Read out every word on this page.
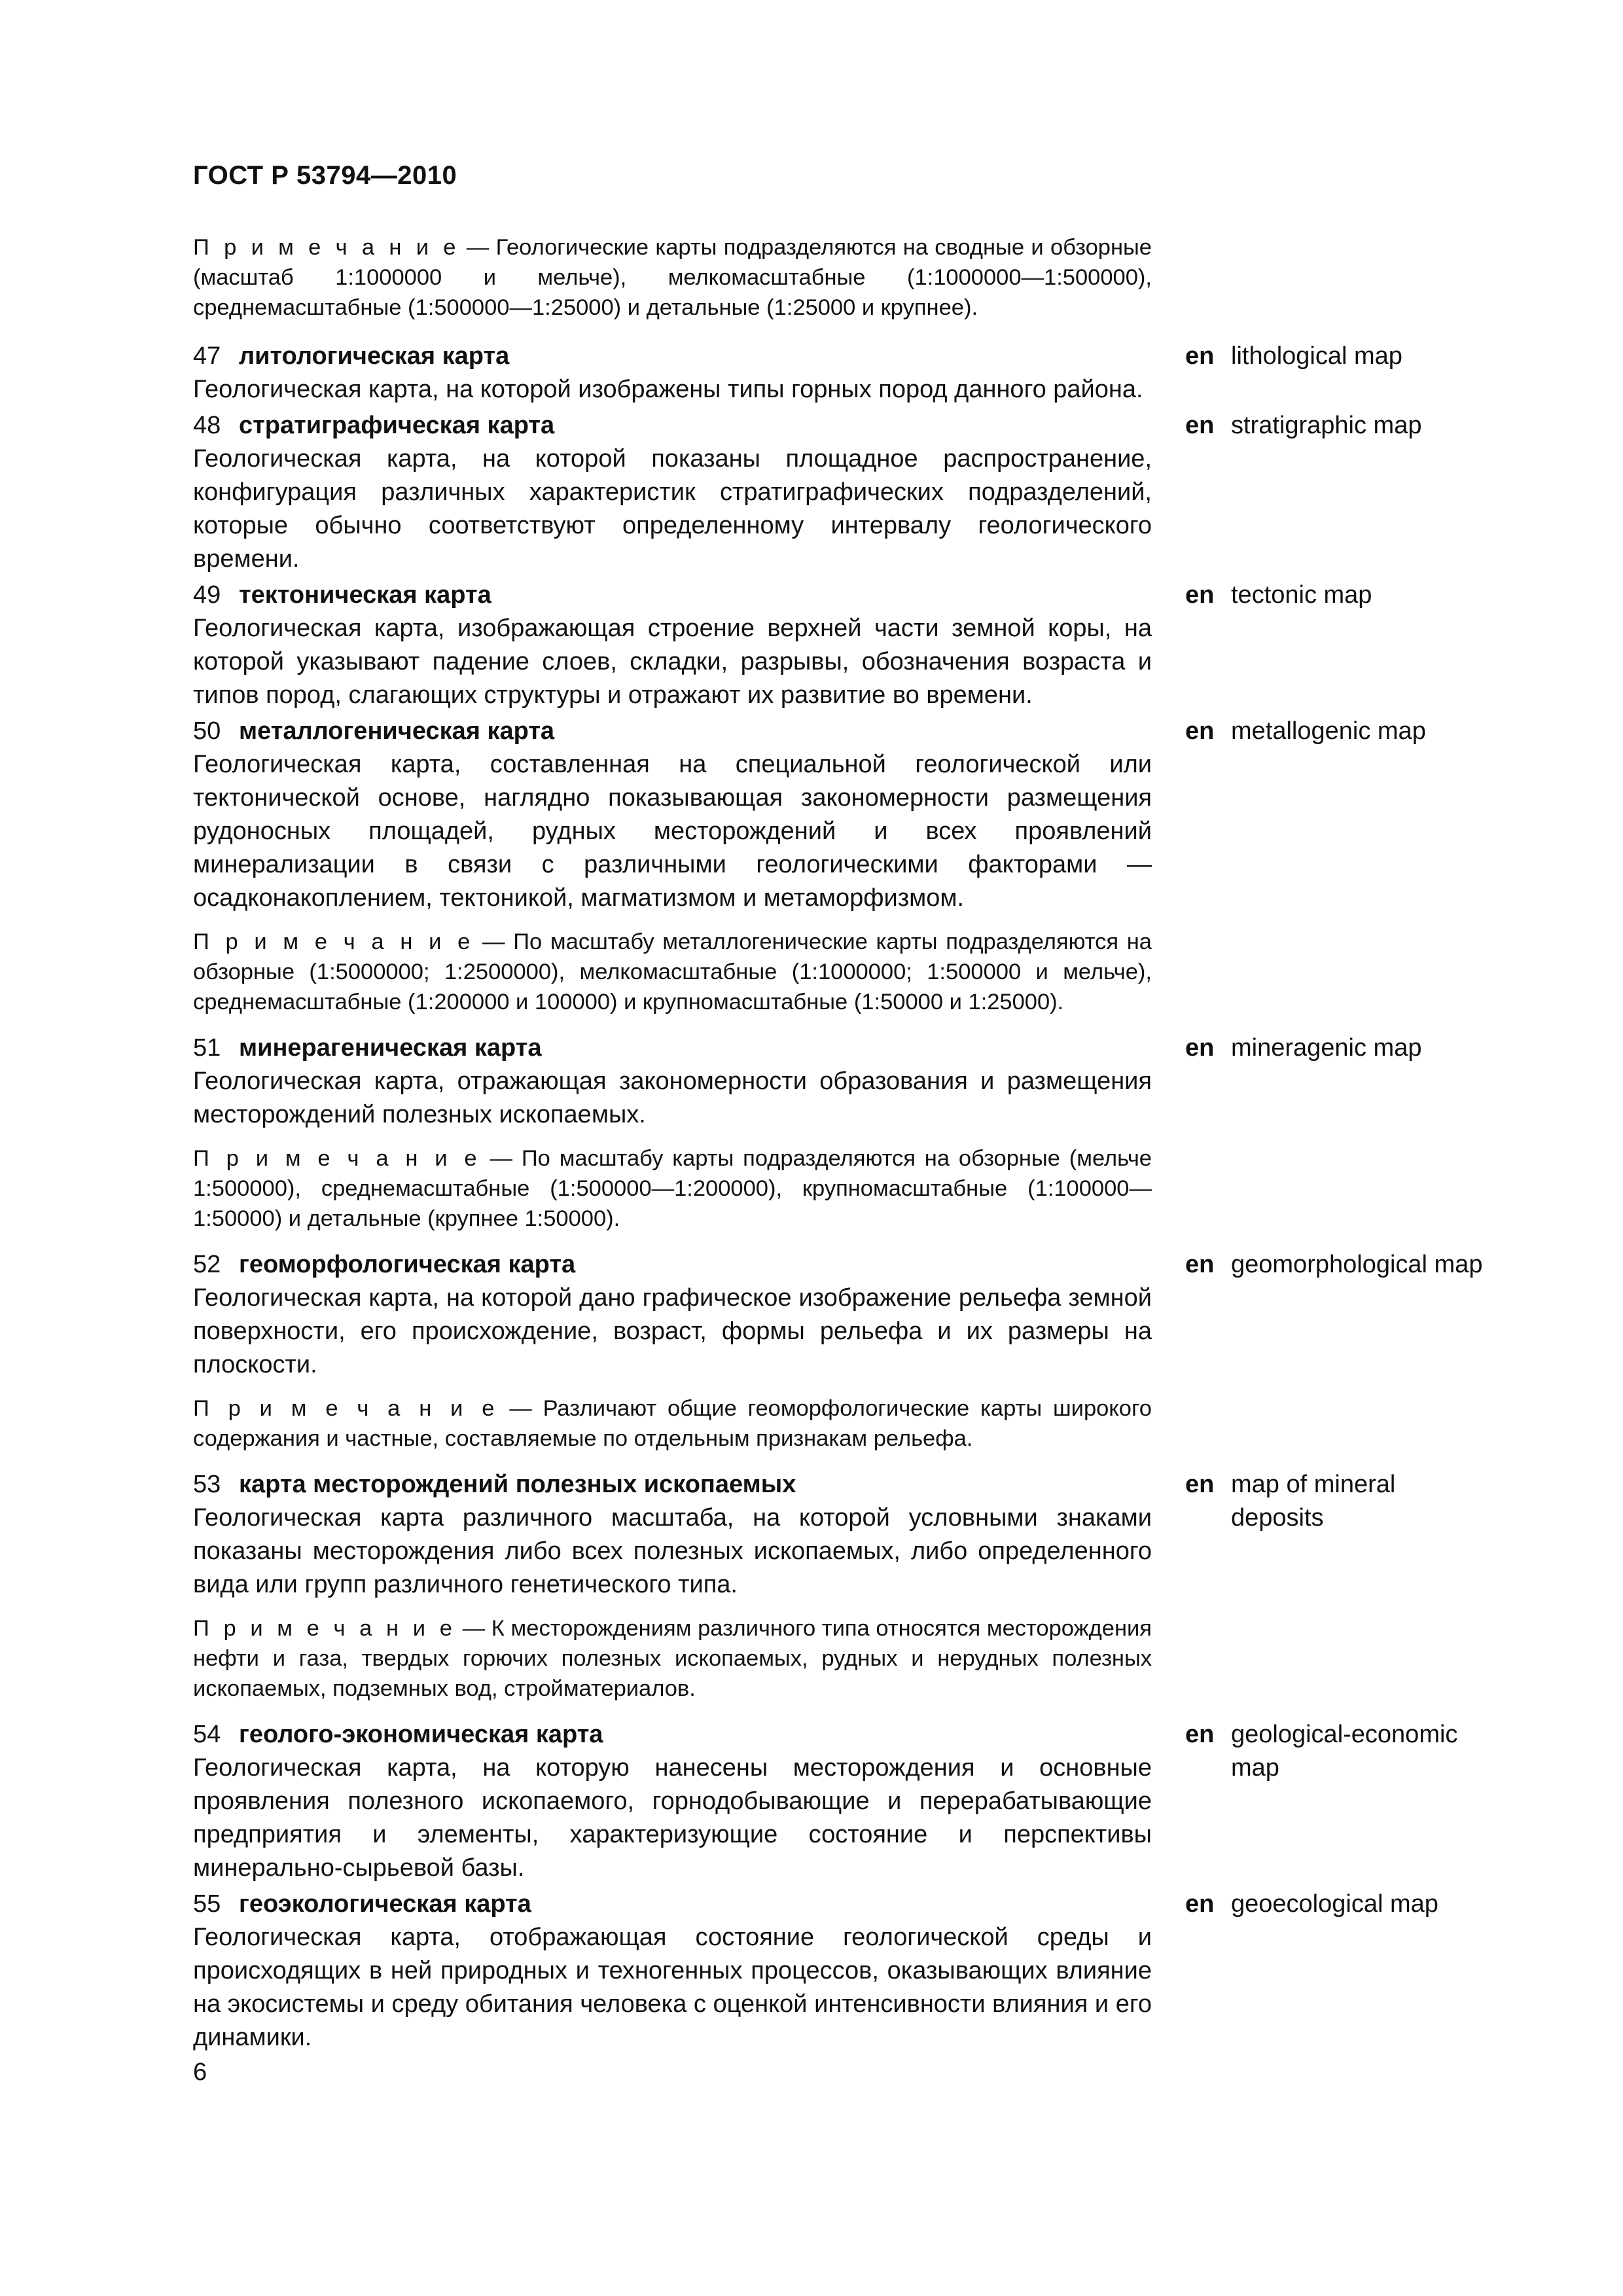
ГОСТ Р 53794—2010

П р и м е ч а н и е — Геологические карты подразделяются на сводные и обзорные (масштаб 1:1000000 и мельче), мелкомасштабные (1:1000000—1:500000), среднемасштабные (1:500000—1:25000) и детальные (1:25000 и крупнее).

47 литологическая карта

Геологическая карта, на которой изображены типы горных пород данного района.

en lithological map
48 стратиграфическая карта

Геологическая карта, на которой показаны площадное распространение, конфигурация различных характеристик стратиграфических подразделений, которые обычно соответствуют определенному интервалу геологического времени.

en stratigraphic map
49 тектоническая карта

Геологическая карта, изображающая строение верхней части земной коры, на которой указывают падение слоев, складки, разрывы, обозначения возраста и типов пород, слагающих структуры и отражают их развитие во времени.

en tectonic map
50 металлогеническая карта

Геологическая карта, составленная на специальной геологической или тектонической основе, наглядно показывающая закономерности размещения рудоносных площадей, рудных месторождений и всех проявлений минерализации в связи с различными геологическими факторами — осадконакоплением, тектоникой, магматизмом и метаморфизмом.

П р и м е ч а н и е — По масштабу металлогенические карты подразделяются на обзорные (1:5000000; 1:2500000), мелкомасштабные (1:1000000; 1:500000 и мельче), среднемасштабные (1:200000 и 100000) и крупномасштабные (1:50000 и 1:25000).

en metallogenic map
51 минерагеническая карта

Геологическая карта, отражающая закономерности образования и размещения месторождений полезных ископаемых.

П р и м е ч а н и е — По масштабу карты подразделяются на обзорные (мельче 1:500000), среднемасштабные (1:500000—1:200000), крупномасштабные (1:100000—1:50000) и детальные (крупнее 1:50000).

en mineragenic map
52 геоморфологическая карта

Геологическая карта, на которой дано графическое изображение рельефа земной поверхности, его происхождение, возраст, формы рельефа и их размеры на плоскости.

П р и м е ч а н и е — Различают общие геоморфологические карты широкого содержания и частные, составляемые по отдельным признакам рельефа.

en geomorphological map
53 карта месторождений полезных ископаемых

Геологическая карта различного масштаба, на которой условными знаками показаны месторождения либо всех полезных ископаемых, либо определенного вида или групп различного генетического типа.

П р и м е ч а н и е — К месторождениям различного типа относятся месторождения нефти и газа, твердых горючих полезных ископаемых, рудных и нерудных полезных ископаемых, подземных вод, стройматериалов.

en map of mineral deposits
54 геолого-экономическая карта

Геологическая карта, на которую нанесены месторождения и основные проявления полезного ископаемого, горнодобывающие и перерабатывающие предприятия и элементы, характеризующие состояние и перспективы минерально-сырьевой базы.

en geological-economic map
55 геоэкологическая карта

Геологическая карта, отображающая состояние геологической среды и происходящих в ней природных и техногенных процессов, оказывающих влияние на экосистемы и среду обитания человека с оценкой интенсивности влияния и его динамики.

en geoecological map
6
